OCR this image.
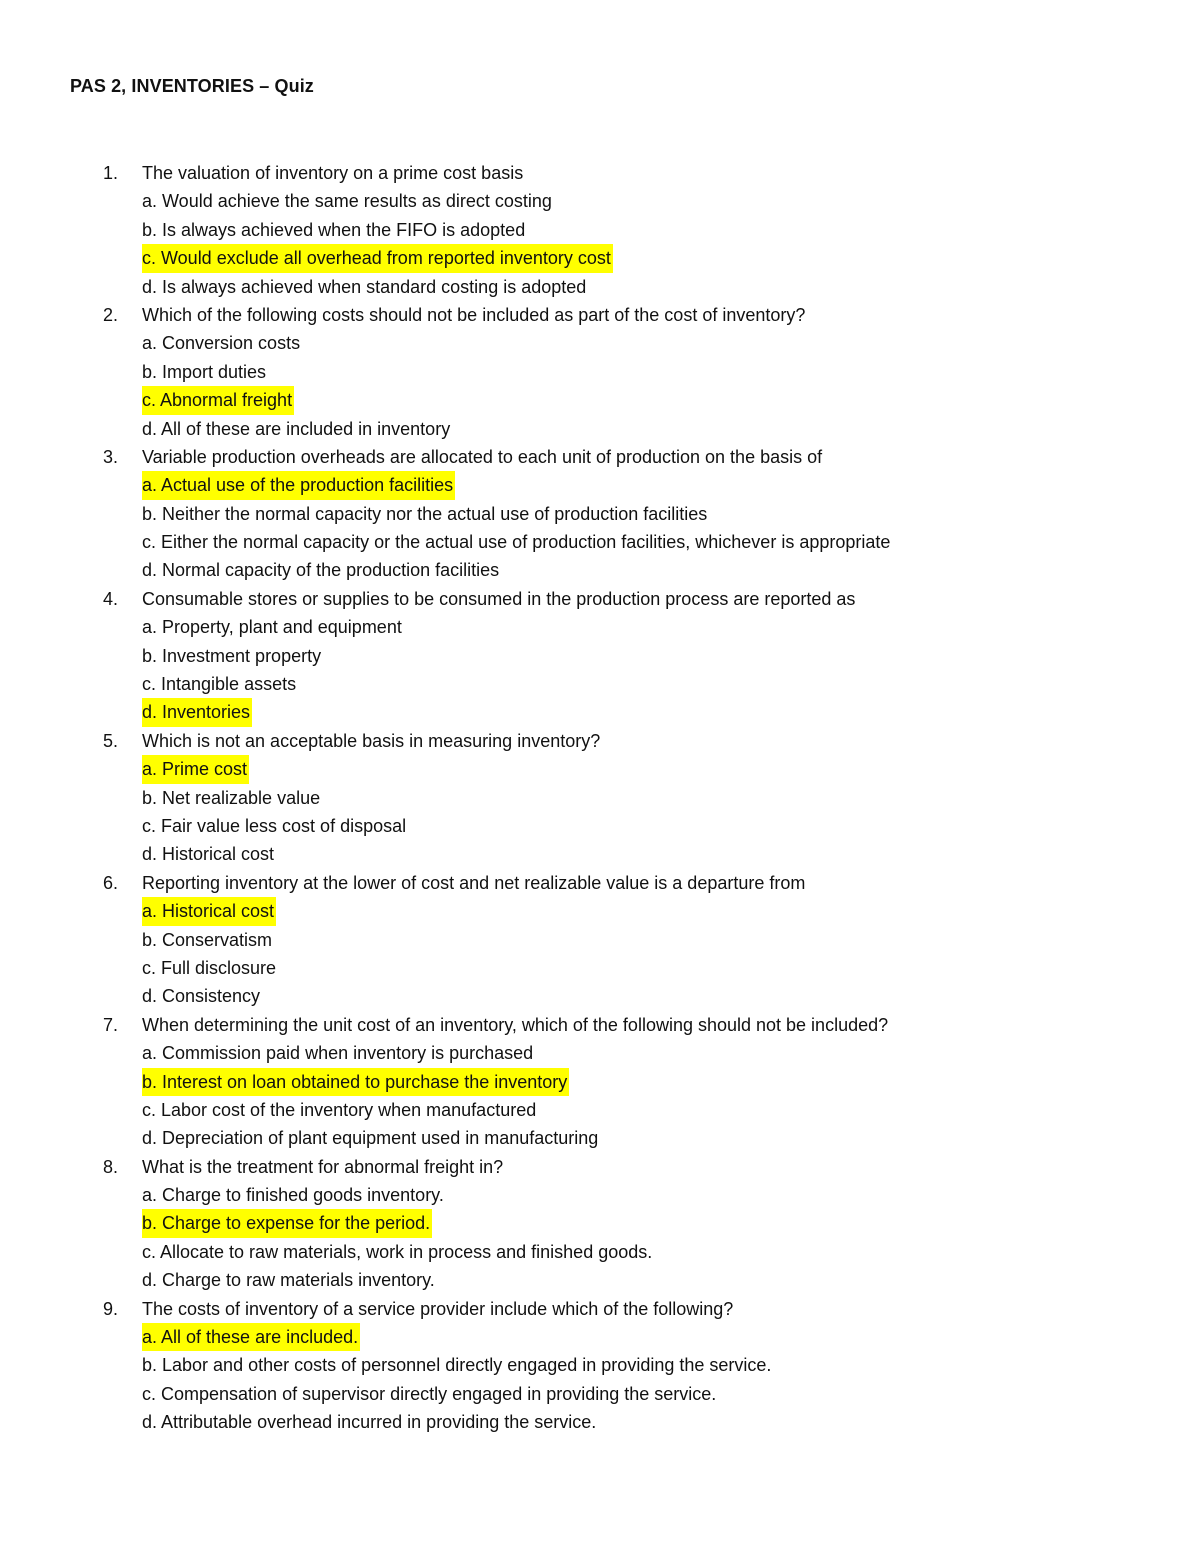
PAS 2, INVENTORIES – Quiz
1.	The valuation of inventory on a prime cost basis
a. Would achieve the same results as direct costing
b. Is always achieved when the FIFO is adopted
c. Would exclude all overhead from reported inventory cost
d. Is always achieved when standard costing is adopted
2.	Which of the following costs should not be included as part of the cost of inventory?
a. Conversion costs
b. Import duties
c. Abnormal freight
d. All of these are included in inventory
3.	Variable production overheads are allocated to each unit of production on the basis of
a. Actual use of the production facilities
b. Neither the normal capacity nor the actual use of production facilities
c. Either the normal capacity or the actual use of production facilities, whichever is appropriate
d. Normal capacity of the production facilities
4.	Consumable stores or supplies to be consumed in the production process are reported as
a. Property, plant and equipment
b. Investment property
c. Intangible assets
d. Inventories
5.	Which is not an acceptable basis in measuring inventory?
a. Prime cost
b. Net realizable value
c. Fair value less cost of disposal
d. Historical cost
6.	Reporting inventory at the lower of cost and net realizable value is a departure from
a. Historical cost
b. Conservatism
c. Full disclosure
d. Consistency
7.	When determining the unit cost of an inventory, which of the following should not be included?
a. Commission paid when inventory is purchased
b. Interest on loan obtained to purchase the inventory
c. Labor cost of the inventory when manufactured
d. Depreciation of plant equipment used in manufacturing
8.	What is the treatment for abnormal freight in?
a. Charge to finished goods inventory.
b. Charge to expense for the period.
c. Allocate to raw materials, work in process and finished goods.
d. Charge to raw materials inventory.
9.	The costs of inventory of a service provider include which of the following?
a. All of these are included.
b. Labor and other costs of personnel directly engaged in providing the service.
c. Compensation of supervisor directly engaged in providing the service.
d. Attributable overhead incurred in providing the service.
